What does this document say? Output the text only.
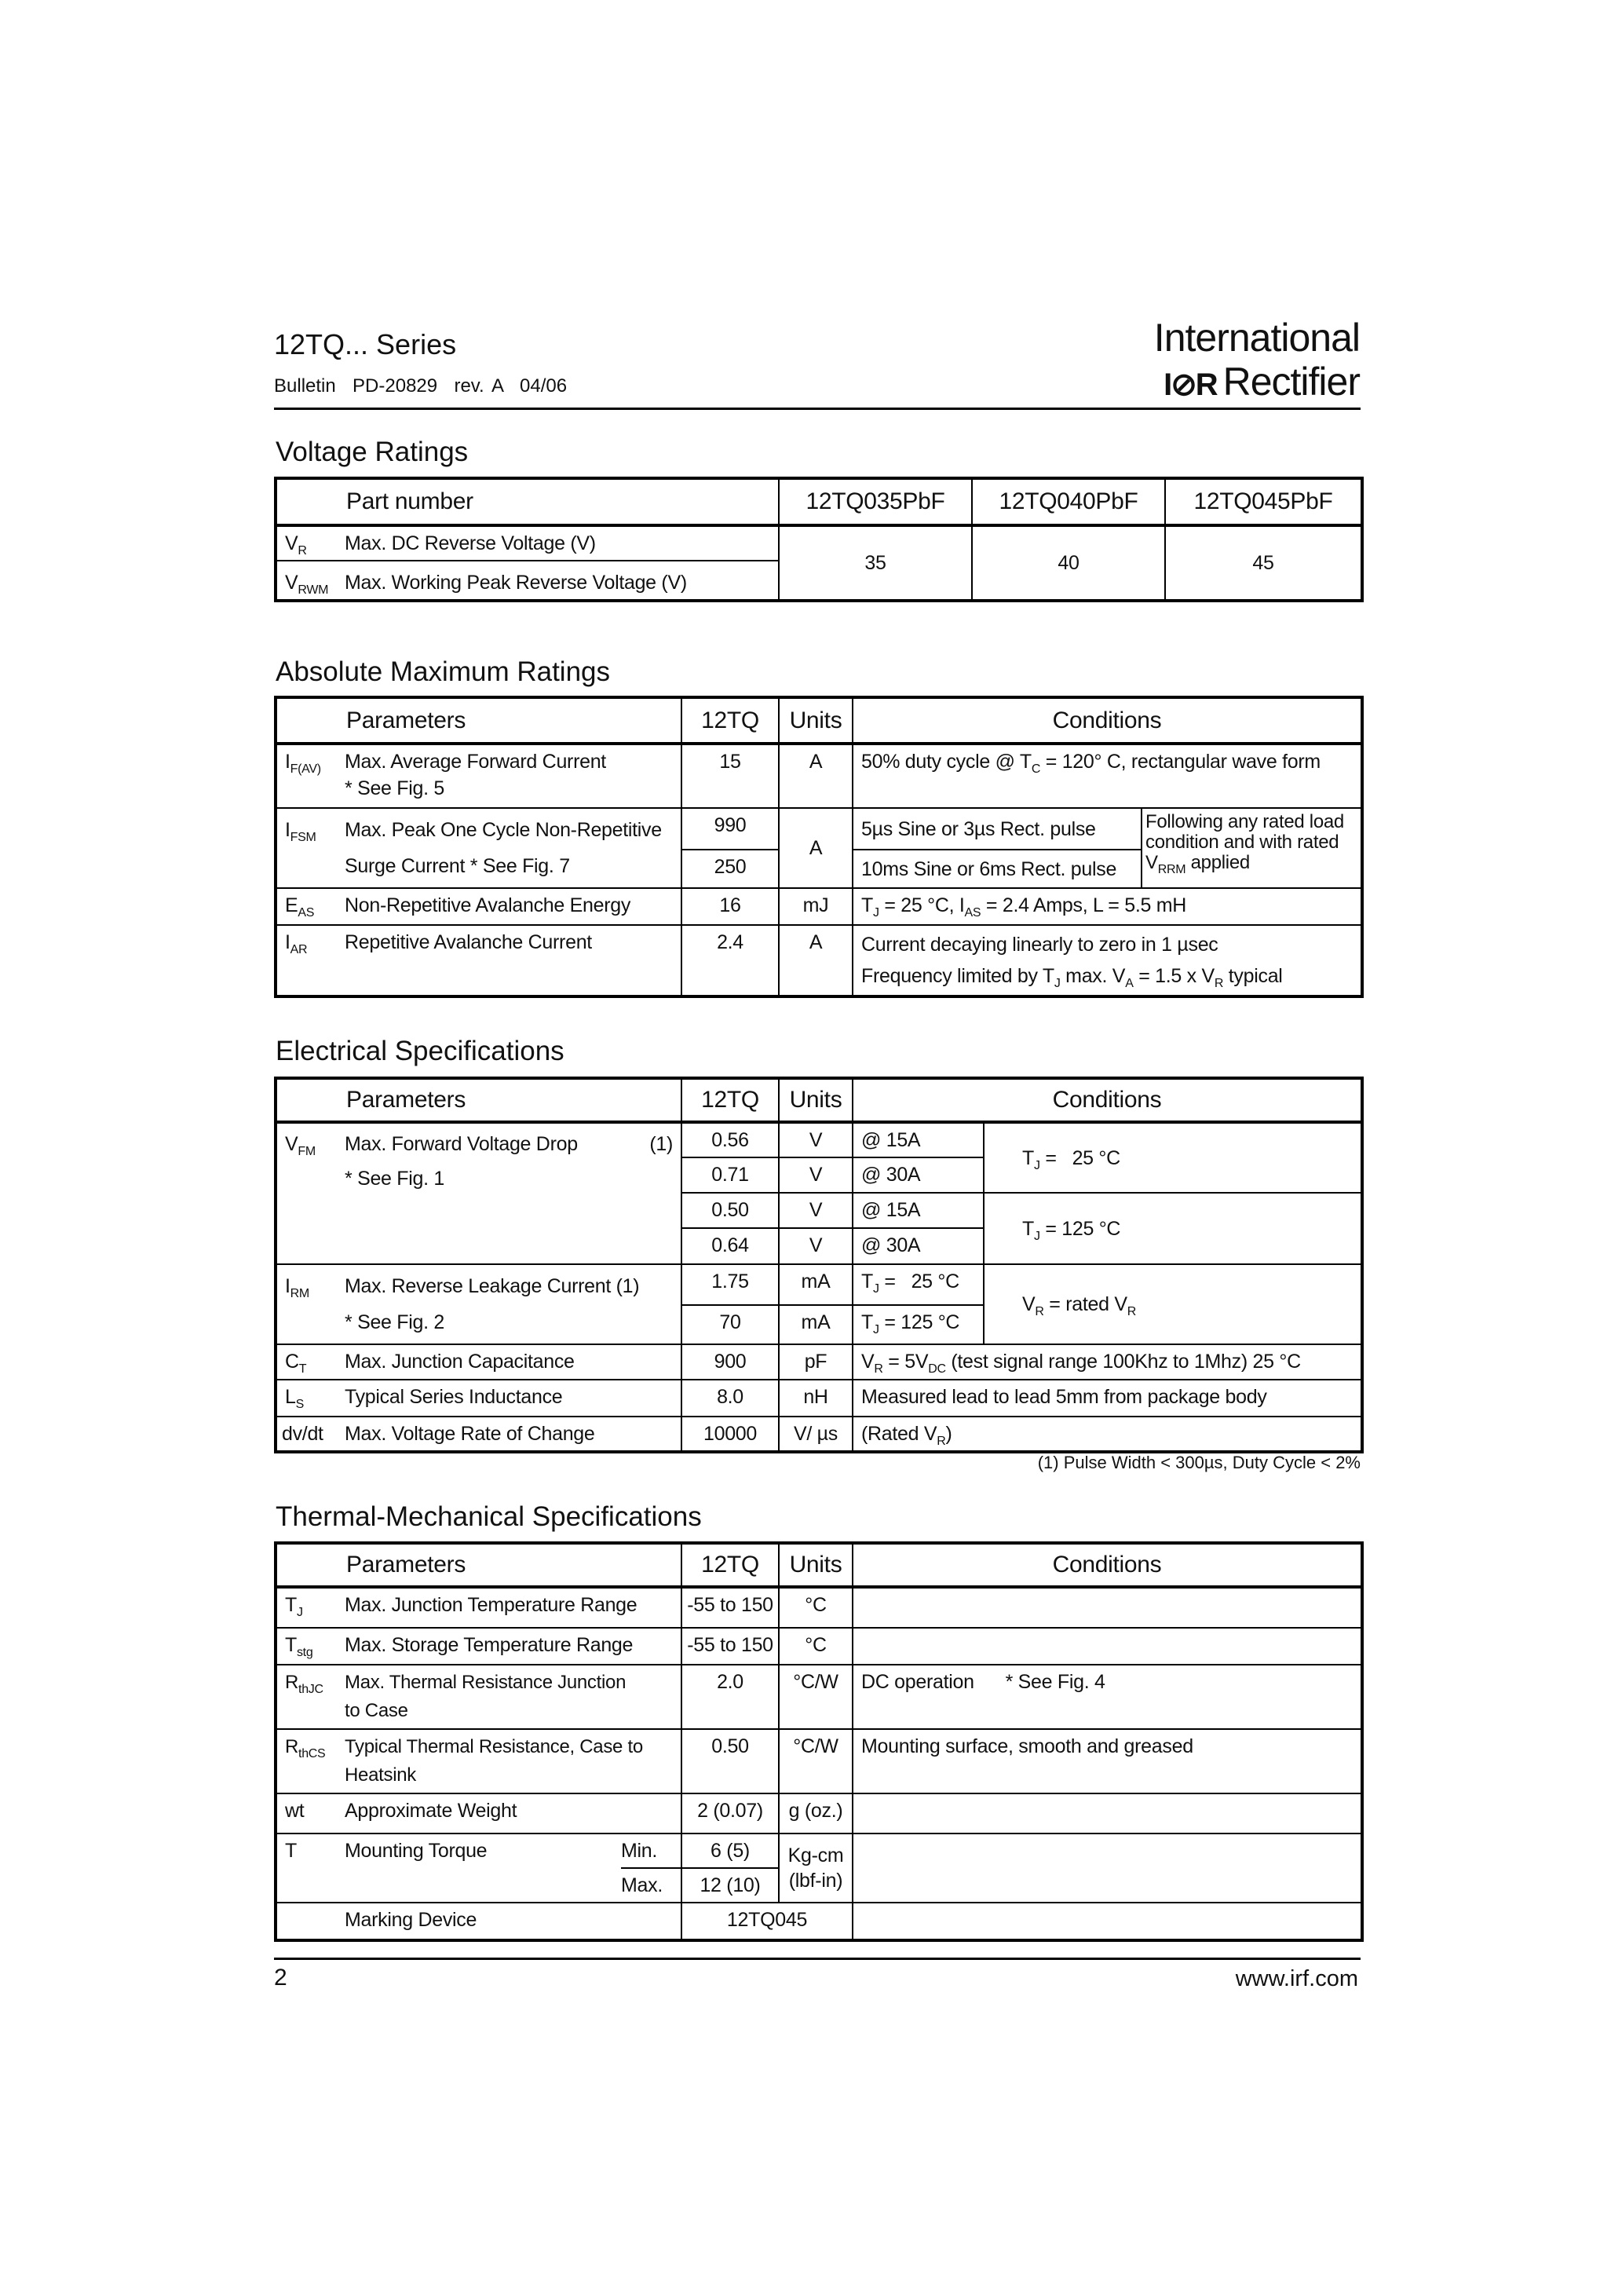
12TQ... Series
Bulletin  PD-20829  rev. A  04/06
International
I⊘R Rectifier
Voltage Ratings
Part number	12TQ035PbF	12TQ040PbF	12TQ045PbF
$V_R$ Max. DC Reverse Voltage (V)	35	40	45
$V_{RWM}$ Max. Working Peak Reverse Voltage (V)			
Absolute Maximum Ratings
Parameters	12TQ	Units	Conditions	
$I_{F(AV)}$ Max. Average Forward Current
* See Fig. 5	15	A	50% duty cycle @ $T_C = 120^\circ$ C, rectangular wave form	
$I_{FSM}$ Max. Peak One Cycle Non-Repetitive
Surge Current * See Fig. 7	990	A	5µs Sine or 3µs Rect. pulse	Following any rated load condition and with rated $V_{RRM}$ applied
	250		10ms Sine or 6ms Rect. pulse	
$E_{AS}$ Non-Repetitive Avalanche Energy	16	mJ	$T_J = 25$ °C, $I_{AS} = 2.4$ Amps, L = 5.5 mH	
$I_{AR}$ Repetitive Avalanche Current	2.4	A	Current decaying linearly to zero in 1 µsec
Frequency limited by $T_J$ max. $V_A = 1.5$ x $V_R$ typical	
Electrical Specifications
Parameters	12TQ	Units	Conditions	
$V_{FM}$ Max. Forward Voltage Drop (1)
* See Fig. 1	0.56	V	@ 15A	$T_J = 25$ °C
	0.71	V	@ 30A	
	0.50	V	@ 15A	$T_J = 125$ °C
	0.64	V	@ 30A	
$I_{RM}$ Max. Reverse Leakage Current (1)
* See Fig. 2	1.75	mA	$T_J = 25$ °C	$V_R$ = rated $V_R$
	70	mA	$T_J = 125$ °C	
$C_T$ Max. Junction Capacitance	900	pF	$V_R = 5V_{DC}$ (test signal range 100Khz to 1Mhz) 25 °C	
$L_S$ Typical Series Inductance	8.0	nH	Measured lead to lead 5mm from package body	
dv/dt Max. Voltage Rate of Change	10000	V/ µs	(Rated $V_R$)	
(1) Pulse Width < 300µs, Duty Cycle < 2%
Thermal-Mechanical Specifications
Parameters		12TQ	Units	Conditions
$T_J$ Max. Junction Temperature Range		-55 to 150	°C	
$T_{stg}$ Max. Storage Temperature Range		-55 to 150	°C	
$R_{thJC}$ Max. Thermal Resistance Junction
to Case		2.0	°C/W	DC operation      * See Fig. 4
$R_{thCS}$ Typical Thermal Resistance, Case to
Heatsink		0.50	°C/W	Mounting surface, smooth and greased
wt Approximate Weight		2 (0.07)	g (oz.)	
T Mounting Torque	Min.	6 (5)	Kg-cm
(lbf-in)	
	Max.	12 (10)		
Marking Device		12TQ045		
2	www.irf.com
